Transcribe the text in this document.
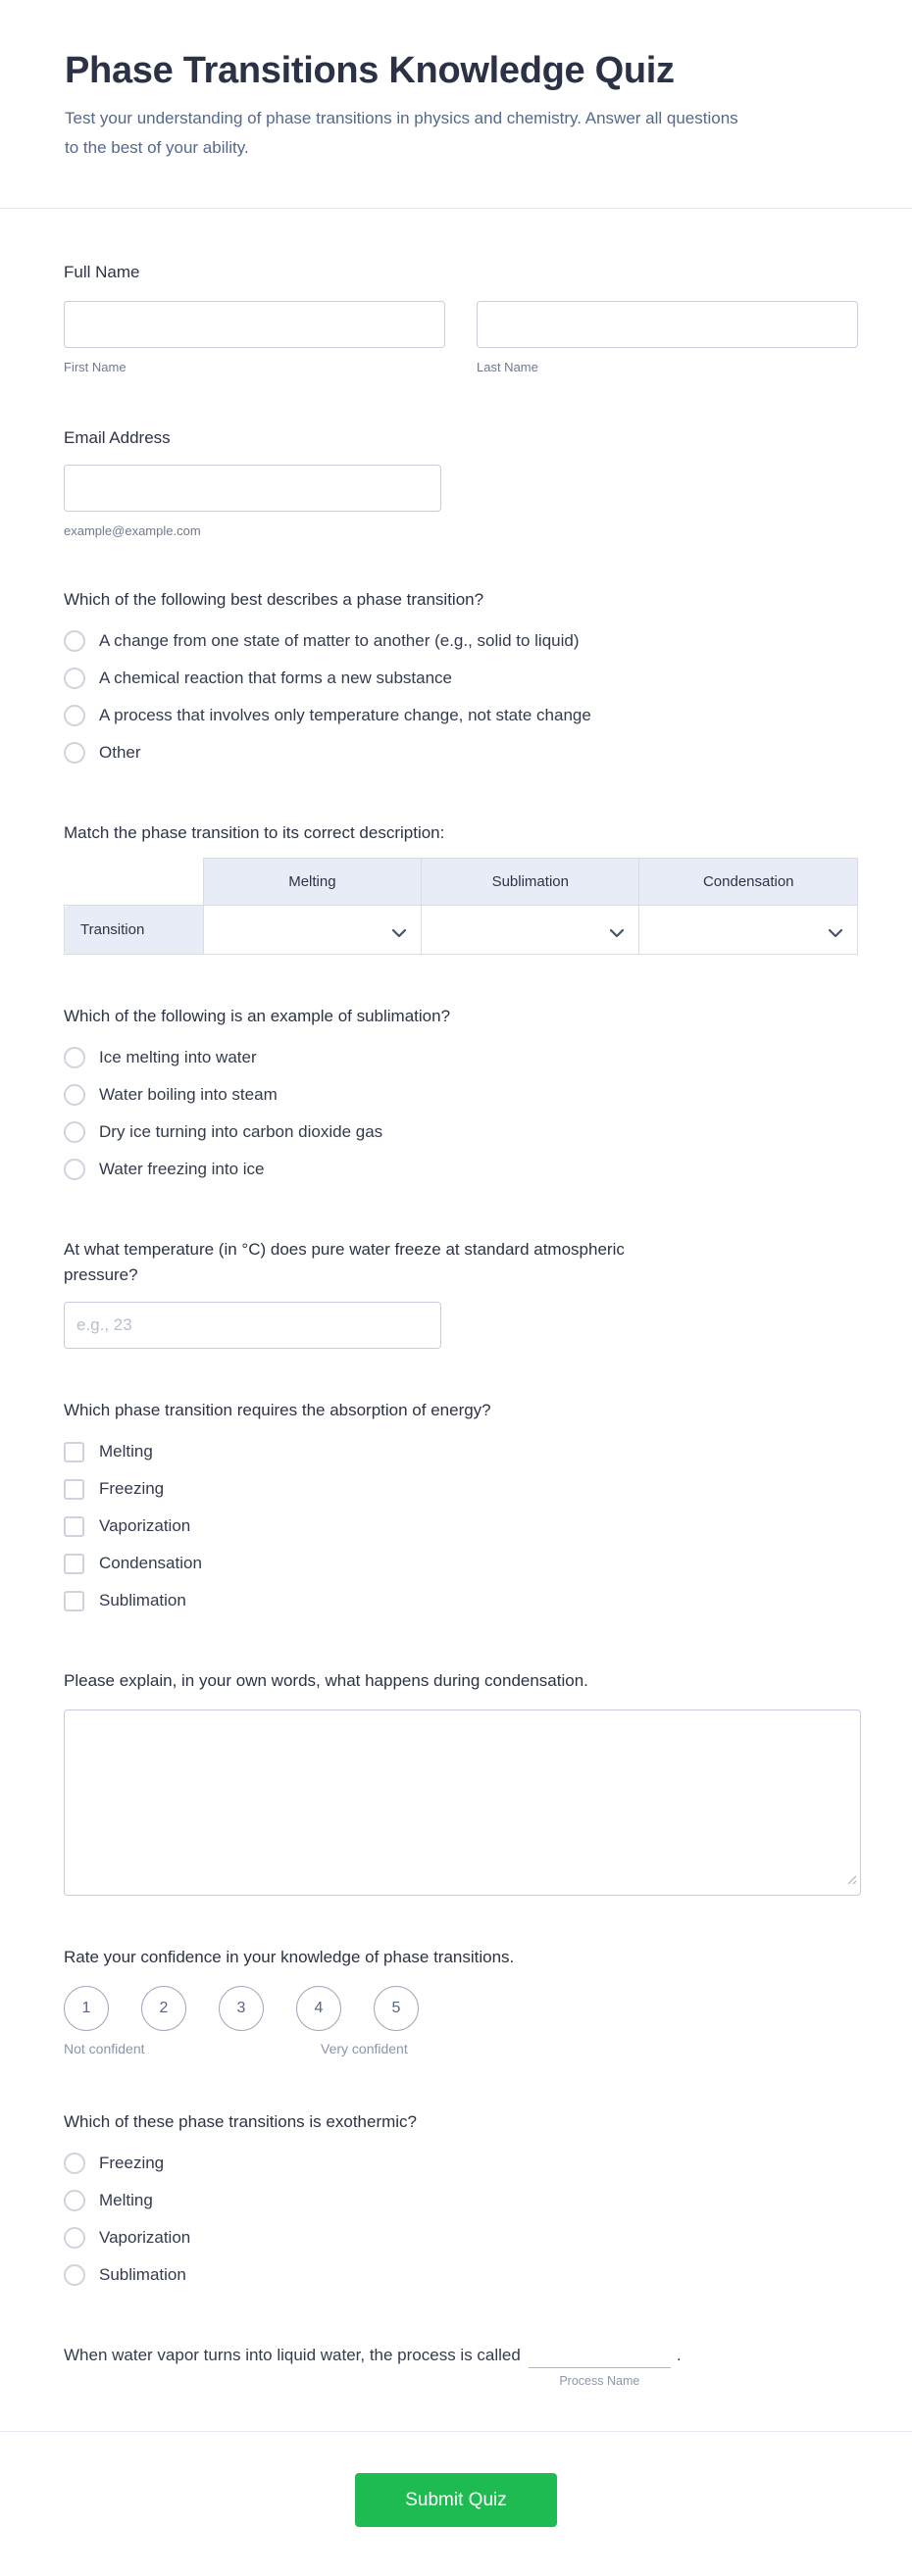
Phase Transitions Knowledge Quiz
Test your understanding of phase transitions in physics and chemistry. Answer all questions to the best of your ability.
Full Name
First Name	Last Name
Email Address
example@example.com
Which of the following best describes a phase transition?
A change from one state of matter to another (e.g., solid to liquid)
A chemical reaction that forms a new substance
A process that involves only temperature change, not state change
Other
Match the phase transition to its correct description:
	Melting	Sublimation	Condensation
Transition	

Which of the following is an example of sublimation?
Ice melting into water
Water boiling into steam
Dry ice turning into carbon dioxide gas
Water freezing into ice
At what temperature (in °C) does pure water freeze at standard atmospheric pressure?
e.g., 23
Which phase transition requires the absorption of energy?
Melting
Freezing
Vaporization
Condensation
Sublimation
Please explain, in your own words, what happens during condensation.
Rate your confidence in your knowledge of phase transitions.
1	2	3	4	5
Not confident	Very confident
Which of these phase transitions is exothermic?
Freezing
Melting
Vaporization
Sublimation
When water vapor turns into liquid water, the process is called
Process Name
.
Submit Quiz
